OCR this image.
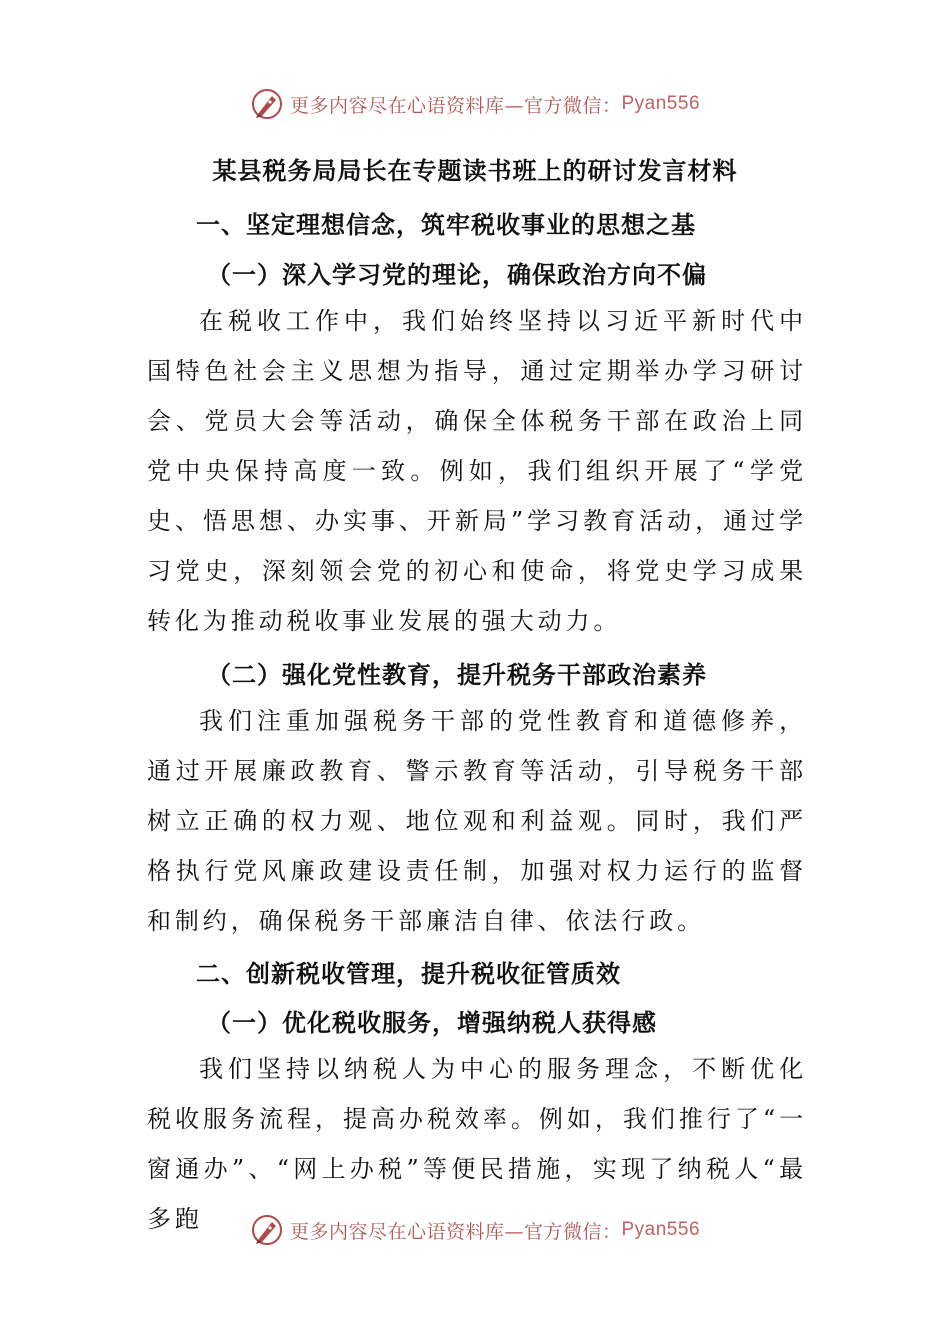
更多内容尽在心语资料库—官方微信： Pyan556
某县税务局局长在专题读书班上的研讨发言材料
一、坚定理想信念，筑牢税收事业的思想之基
（一）深入学习党的理论，确保政治方向不偏
在税收工作中，我们始终坚持以习近平新时代中国特色社会主义思想为指导，通过定期举办学习研讨会、党员大会等活动，确保全体税务干部在政治上同党中央保持高度一致。例如，我们组织开展了“学党史、悟思想、办实事、开新局”学习教育活动，通过学习党史，深刻领会党的初心和使命，将党史学习成果转化为推动税收事业发展的强大动力。
（二）强化党性教育，提升税务干部政治素养
我们注重加强税务干部的党性教育和道德修养，通过开展廉政教育、警示教育等活动，引导税务干部树立正确的权力观、地位观和利益观。同时，我们严格执行党风廉政建设责任制，加强对权力运行的监督和制约，确保税务干部廉洁自律、依法行政。
二、创新税收管理，提升税收征管质效
（一）优化税收服务，增强纳税人获得感
我们坚持以纳税人为中心的服务理念，不断优化税收服务流程，提高办税效率。例如，我们推行了“一窗通办”、“网上办税”等便民措施，实现了纳税人“最多跑	更多内容尽在心语资料库—官方微信： Pyan556
